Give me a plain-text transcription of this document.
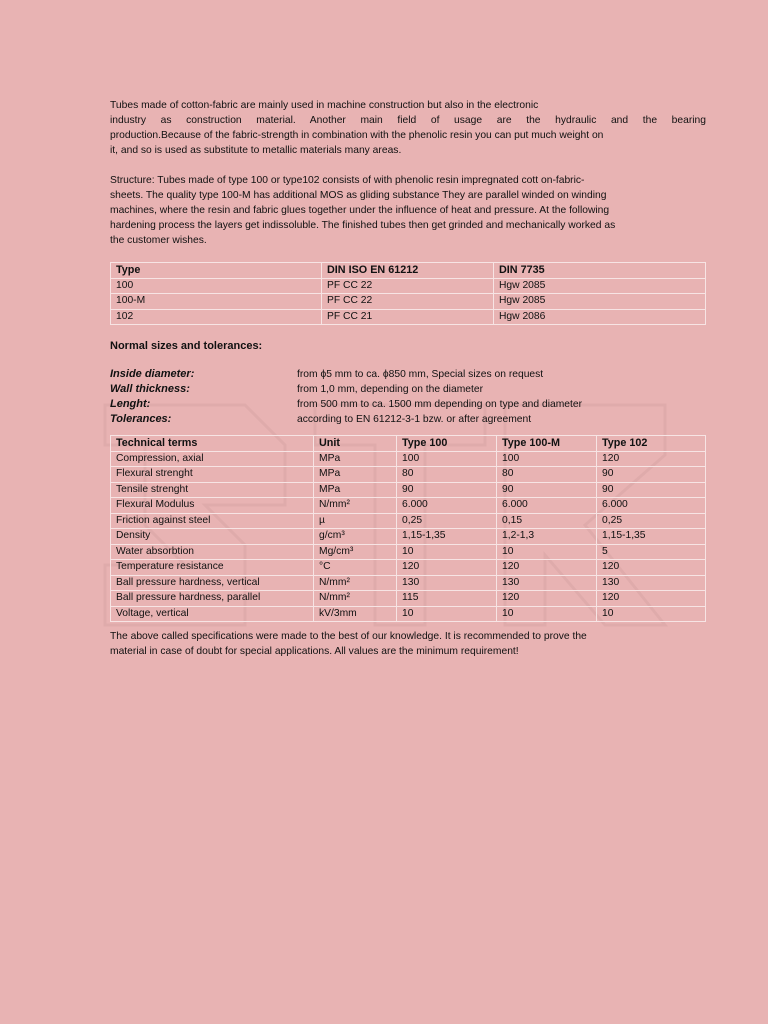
Tubes made of cotton-fabric are mainly used in machine construction but also in the electronic

industry as construction material. Another main field of usage are the hydraulic and the bearing

production.Because of the fabric-strength in combination with the phenolic resin you can put much weight on
it, and so is used as substitute to metallic materials many areas.

Structure: Tubes made of type 100 or type102 consists of with phenolic resin impregnated cott on-fabric-
sheets. The quality type 100-M has additional MOS as gliding substance They are parallel winded on winding
machines, where the resin and fabric glues together under the influence of heat and pressure. At the following
hardening process the layers get indissoluble. The finished tubes then get grinded and mechanically worked as
the customer wishes.

Type	DIN ISO EN 61212	DIN 7735
100	PF CC 22	Hgw 2085
100-M	PF CC 22	Hgw 2085
102	PF CC 21	Hgw 2086

Normal sizes and tolerances:

Inside diameter:	from ϕ5 mm to ca. ϕ850 mm, Special sizes on request
Wall thickness:	from 1,0 mm, depending on the diameter
Lenght:	from 500 mm to ca. 1500 mm depending on type and diameter
Tolerances:	according to EN 61212-3-1 bzw. or after agreement
Technical terms	Unit	Type 100	Type 100-M	Type 102
Compression, axial	MPa	100	100	120
Flexural strenght	MPa	80	80	90
Tensile strenght	MPa	90	90	90
Flexural Modulus	N/mm²	6.000	6.000	6.000
Friction against steel	µ	0,25	0,15	0,25
Density	g/cm³	1,15-1,35	1,2-1,3	1,15-1,35
Water absorbtion	Mg/cm³	10	10	5
Temperature resistance	°C	120	120	120
Ball pressure hardness, vertical	N/mm²	130	130	130
Ball pressure hardness, parallel	N/mm²	115	120	120
Voltage, vertical	kV/3mm	10	10	10

The above called specifications were made to the best of our knowledge. It is recommended to prove the
material in case of doubt for special applications. All values are the minimum requirement!
